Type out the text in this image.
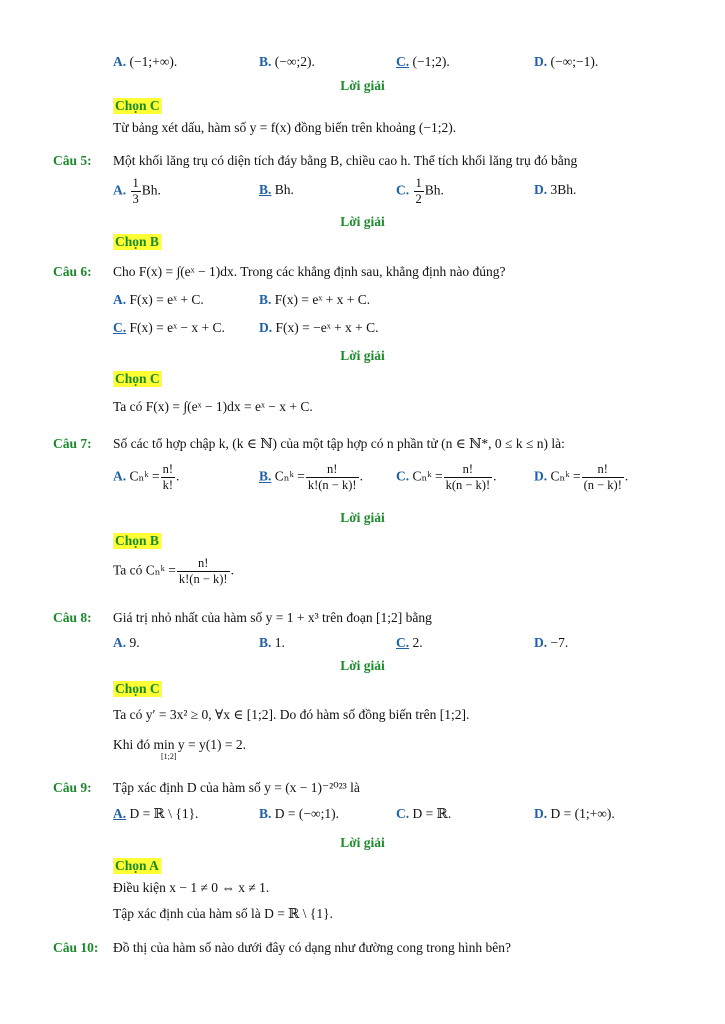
A. (−1;+∞).	B. (−∞;2).	C. (−1;2).	D. (−∞;−1).
Lời giải
Chọn C
Từ bảng xét dấu, hàm số y = f(x) đồng biến trên khoảng (−1;2).
Câu 5: Một khối lăng trụ có diện tích đáy bằng B, chiều cao h. Thể tích khối lăng trụ đó bằng
A. $\frac{1}{3} Bh$.	B. Bh.	C. $\frac{1}{2} Bh$.	D. 3Bh.
Lời giải
Chọn B
Câu 6: Cho F(x) = ∫(eˣ − 1)dx. Trong các khẳng định sau, khẳng định nào đúng?
A. F(x) = eˣ + C.	B. F(x) = eˣ + x + C.
C. F(x) = eˣ − x + C.	D. F(x) = −eˣ + x + C.
Lời giải
Chọn C
Ta có F(x) = ∫(eˣ − 1)dx = eˣ − x + C.
Câu 7: Số các tổ hợp chập k, (k ∈ ℕ) của một tập hợp có n phần tử (n ∈ ℕ*, 0 ≤ k ≤ n) là:
A. Cₙᵏ = $\frac{n!}{k!}$ .	B. Cₙᵏ = $\frac{n!}{k!(n - k)!}$ . C. Cₙᵏ = $\frac{n!}{k(n - k)!}$ .	D. Cₙᵏ = $\frac{n!}{(n - k)!}$ .
Lời giải
Chọn B
Ta có Cₙᵏ = $\frac{n!}{k!(n - k)!}$ .
Câu 8: Giá trị nhỏ nhất của hàm số y = 1 + x³ trên đoạn [1;2] bằng
A. 9.	B. 1.	C. 2.	D. −7.
Lời giải
Chọn C
Ta có y′ = 3x² ≥ 0, ∀x ∈ [1;2]. Do đó hàm số đồng biến trên [1;2].
Khi đó min y = y(1) = 2.
[1;2]
Câu 9: Tập xác định D của hàm số y = (x − 1)⁻²⁰²³ là
A. D = ℝ \ {1}.	B. D = (−∞;1).	C. D = ℝ.	D. D = (1;+∞).
Lời giải
Chọn A
Điều kiện x − 1 ≠ 0 ⇔ x ≠ 1.
Tập xác định của hàm số là D = ℝ \ {1}.
Câu 10: Đồ thị của hàm số nào dưới đây có dạng như đường cong trong hình bên?
